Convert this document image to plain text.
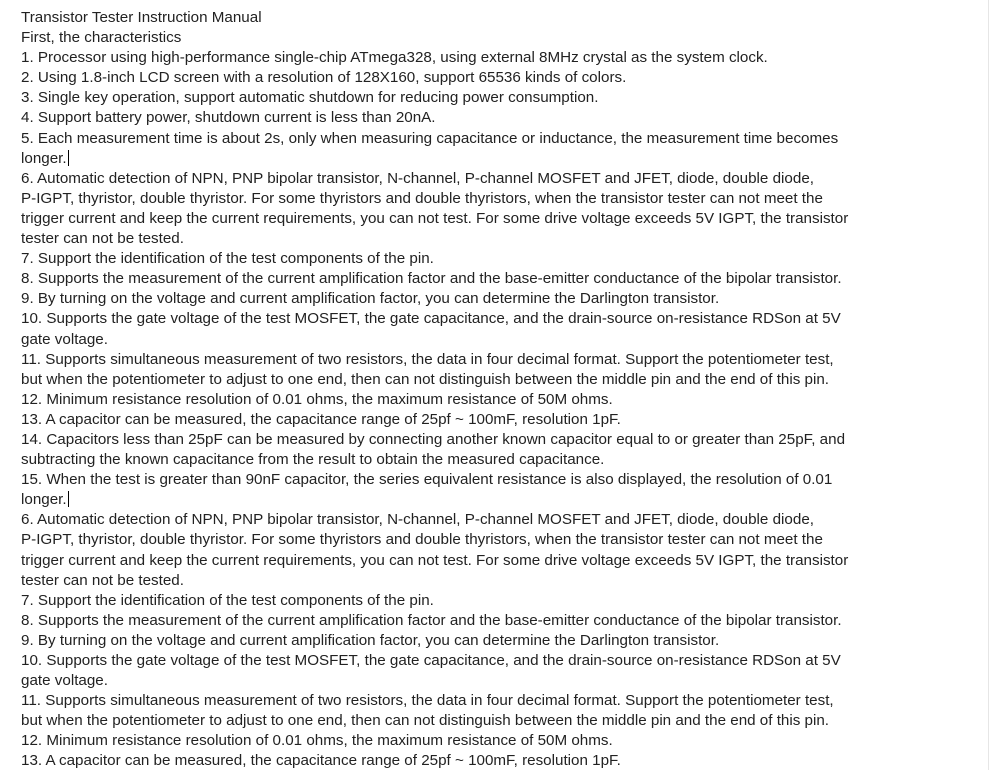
Transistor Tester Instruction Manual
First, the characteristics
1. Processor using high-performance single-chip ATmega328, using external 8MHz crystal as the system clock.
2. Using 1.8-inch LCD screen with a resolution of 128X160, support 65536 kinds of colors.
3. Single key operation, support automatic shutdown for reducing power consumption.
4. Support battery power, shutdown current is less than 20nA.
5. Each measurement time is about 2s, only when measuring capacitance or inductance, the measurement time becomes
longer.
6. Automatic detection of NPN, PNP bipolar transistor, N-channel, P-channel MOSFET and JFET, diode, double diode,
P-IGPT, thyristor, double thyristor. For some thyristors and double thyristors, when the transistor tester can not meet the
trigger current and keep the current requirements, you can not test. For some drive voltage exceeds 5V IGPT, the transistor
tester can not be tested.
7. Support the identification of the test components of the pin.
8. Supports the measurement of the current amplification factor and the base-emitter conductance of the bipolar transistor.
9. By turning on the voltage and current amplification factor, you can determine the Darlington transistor.
10. Supports the gate voltage of the test MOSFET, the gate capacitance, and the drain-source on-resistance RDSon at 5V
gate voltage.
11. Supports simultaneous measurement of two resistors, the data in four decimal format. Support the potentiometer test,
but when the potentiometer to adjust to one end, then can not distinguish between the middle pin and the end of this pin.
12. Minimum resistance resolution of 0.01 ohms, the maximum resistance of 50M ohms.
13. A capacitor can be measured, the capacitance range of 25pf ~ 100mF, resolution 1pF.
14. Capacitors less than 25pF can be measured by connecting another known capacitor equal to or greater than 25pF, and
subtracting the known capacitance from the result to obtain the measured capacitance.
15. When the test is greater than 90nF capacitor, the series equivalent resistance is also displayed, the resolution of 0.01
longer.
6. Automatic detection of NPN, PNP bipolar transistor, N-channel, P-channel MOSFET and JFET, diode, double diode,
P-IGPT, thyristor, double thyristor. For some thyristors and double thyristors, when the transistor tester can not meet the
trigger current and keep the current requirements, you can not test. For some drive voltage exceeds 5V IGPT, the transistor
tester can not be tested.
7. Support the identification of the test components of the pin.
8. Supports the measurement of the current amplification factor and the base-emitter conductance of the bipolar transistor.
9. By turning on the voltage and current amplification factor, you can determine the Darlington transistor.
10. Supports the gate voltage of the test MOSFET, the gate capacitance, and the drain-source on-resistance RDSon at 5V
gate voltage.
11. Supports simultaneous measurement of two resistors, the data in four decimal format. Support the potentiometer test,
but when the potentiometer to adjust to one end, then can not distinguish between the middle pin and the end of this pin.
12. Minimum resistance resolution of 0.01 ohms, the maximum resistance of 50M ohms.
13. A capacitor can be measured, the capacitance range of 25pf ~ 100mF, resolution 1pF.
